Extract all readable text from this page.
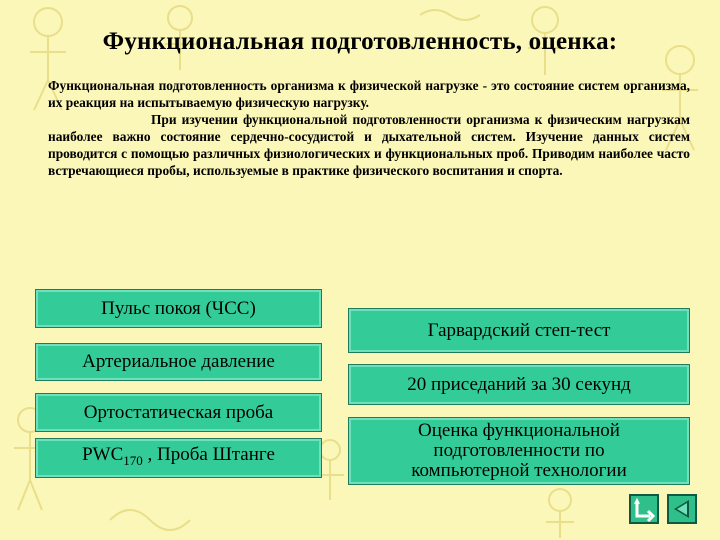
Функциональная подготовленность, оценка:

Функциональная подготовленность организма к физической нагрузке - это состояние систем организма, их реакция на испытываемую физическую нагрузку.

При изучении функциональной подготовленности организма к физическим нагрузкам наиболее важно состояние сердечно-сосудистой и дыхательной систем. Изучение данных систем проводится с помощью различных физиологических и функциональных проб. Приводим наиболее часто встречающиеся пробы, используемые в практике физического воспитания и спорта.

Пульс покоя (ЧСС)
Артериальное давление
Ортостатическая проба
$PWC_{170}$ , Проба Штанге
Гарвардский степ-тест
20 приседаний за 30 секунд
Оценка функциональной подготовленности по компьютерной технологии
